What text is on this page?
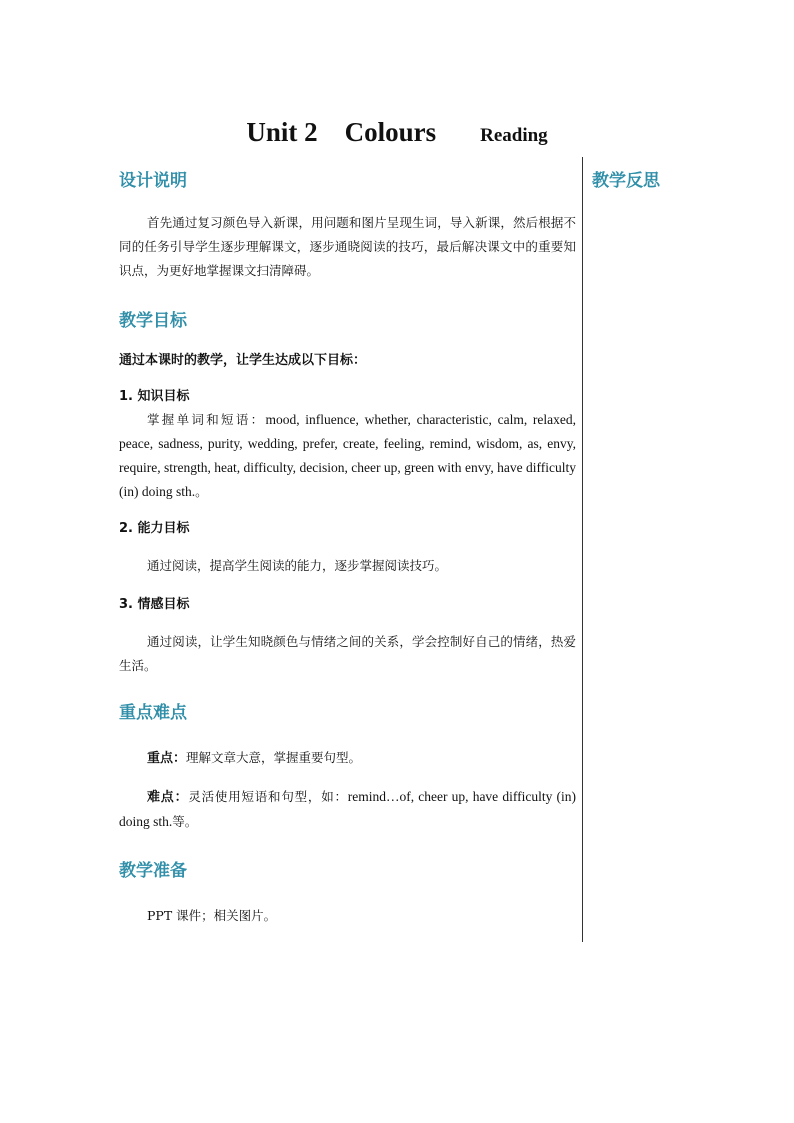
Unit 2　Colours Reading
设计说明

首先通过复习颜色导入新课，用问题和图片呈现生词，导入新课，然后根据不同的任务引导学生逐步理解课文，逐步通晓阅读的技巧，最后解决课文中的重要知识点，为更好地掌握课文扫清障碍。

教学目标

通过本课时的教学，让学生达成以下目标：

1. 知识目标

掌握单词和短语：mood, influence, whether, characteristic, calm, relaxed, peace, sadness, purity, wedding, prefer, create, feeling, remind, wisdom, as, envy, require, strength, heat, difficulty, decision, cheer up, green with envy, have difficulty (in) doing sth.。

2. 能力目标

通过阅读，提高学生阅读的能力，逐步掌握阅读技巧。

3. 情感目标

通过阅读，让学生知晓颜色与情绪之间的关系，学会控制好自己的情绪，热爱生活。

重点难点

重点：理解文章大意，掌握重要句型。

难点：灵活使用短语和句型，如：remind…of, cheer up, have difficulty (in) doing sth.等。

教学准备

PPT 课件；相关图片。

教学反思
